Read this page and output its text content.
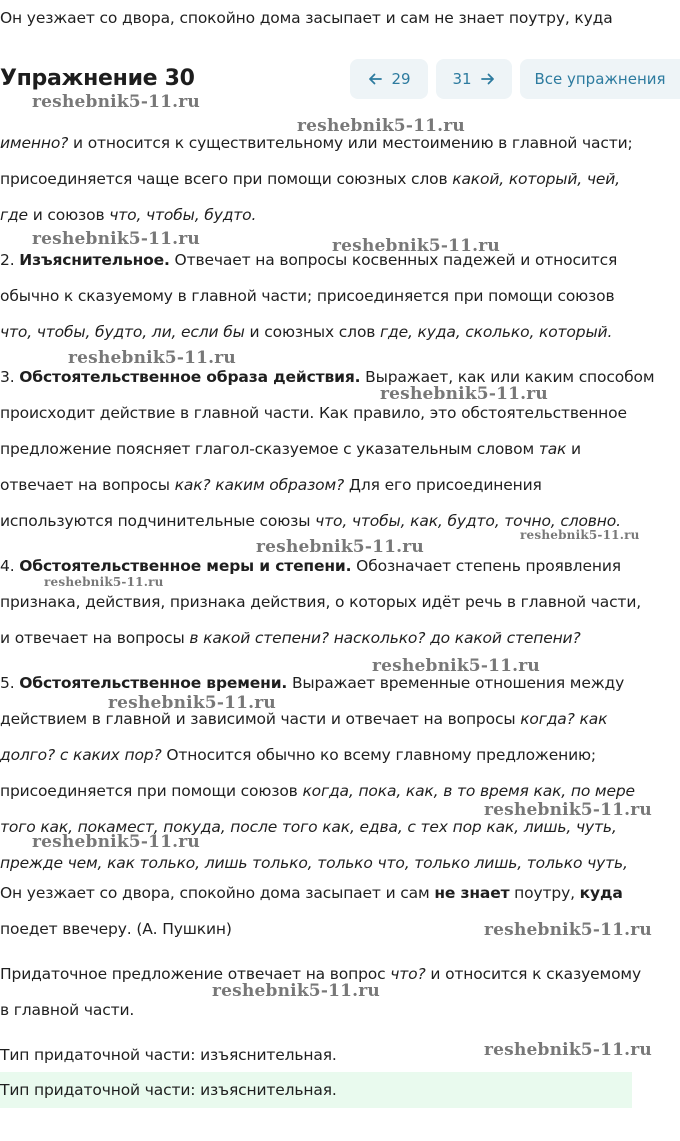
Он уезжает со двора, спокойно дома засыпает и сам не знает поутру, куда
Упражнение 30	29	31	Все упражнения
именно? и относится к существительному или местоимению в главной части;
присоединяется чаще всего при помощи союзных слов какой, который, чей,
где и союзов что, чтобы, будто.
2. Изъяснительное. Отвечает на вопросы косвенных падежей и относится
обычно к сказуемому в главной части; присоединяется при помощи союзов
что, чтобы, будто, ли, если бы и союзных слов где, куда, сколько, который.
3. Обстоятельственное образа действия. Выражает, как или каким способом
происходит действие в главной части. Как правило, это обстоятельственное
предложение поясняет глагол-сказуемое с указательным словом так и
отвечает на вопросы как? каким образом? Для его присоединения
используются подчинительные союзы что, чтобы, как, будто, точно, словно.
4. Обстоятельственное меры и степени. Обозначает степень проявления
признака, действия, признака действия, о которых идёт речь в главной части,
и отвечает на вопросы в какой степени? насколько? до какой степени?
5. Обстоятельственное времени. Выражает временные отношения между
действием в главной и зависимой части и отвечает на вопросы когда? как
долго? с каких пор? Относится обычно ко всему главному предложению;
присоединяется при помощи союзов когда, пока, как, в то время как, по мере
того как, покамест, покуда, после того как, едва, с тех пор как, лишь, чуть,
прежде чем, как только, лишь только, только что, только лишь, только чуть,
Он уезжает со двора, спокойно дома засыпает и сам не знает поутру, куда
поедет ввечеру. (А. Пушкин)
Придаточное предложение отвечает на вопрос что? и относится к сказуемому
в главной части.
Тип придаточной части: изъяснительная.
Тип придаточной части: изъяснительная.
reshebnik5-11.ru
reshebnik5-11.ru
reshebnik5-11.ru	reshebnik5-11.ru
reshebnik5-11.ru
reshebnik5-11.ru
reshebnik5-11.ru
reshebnik5-11.ru
reshebnik5-11.ru
reshebnik5-11.ru
reshebnik5-11.ru
reshebnik5-11.ru
reshebnik5-11.ru
reshebnik5-11.ru
reshebnik5-11.ru
reshebnik5-11.ru
